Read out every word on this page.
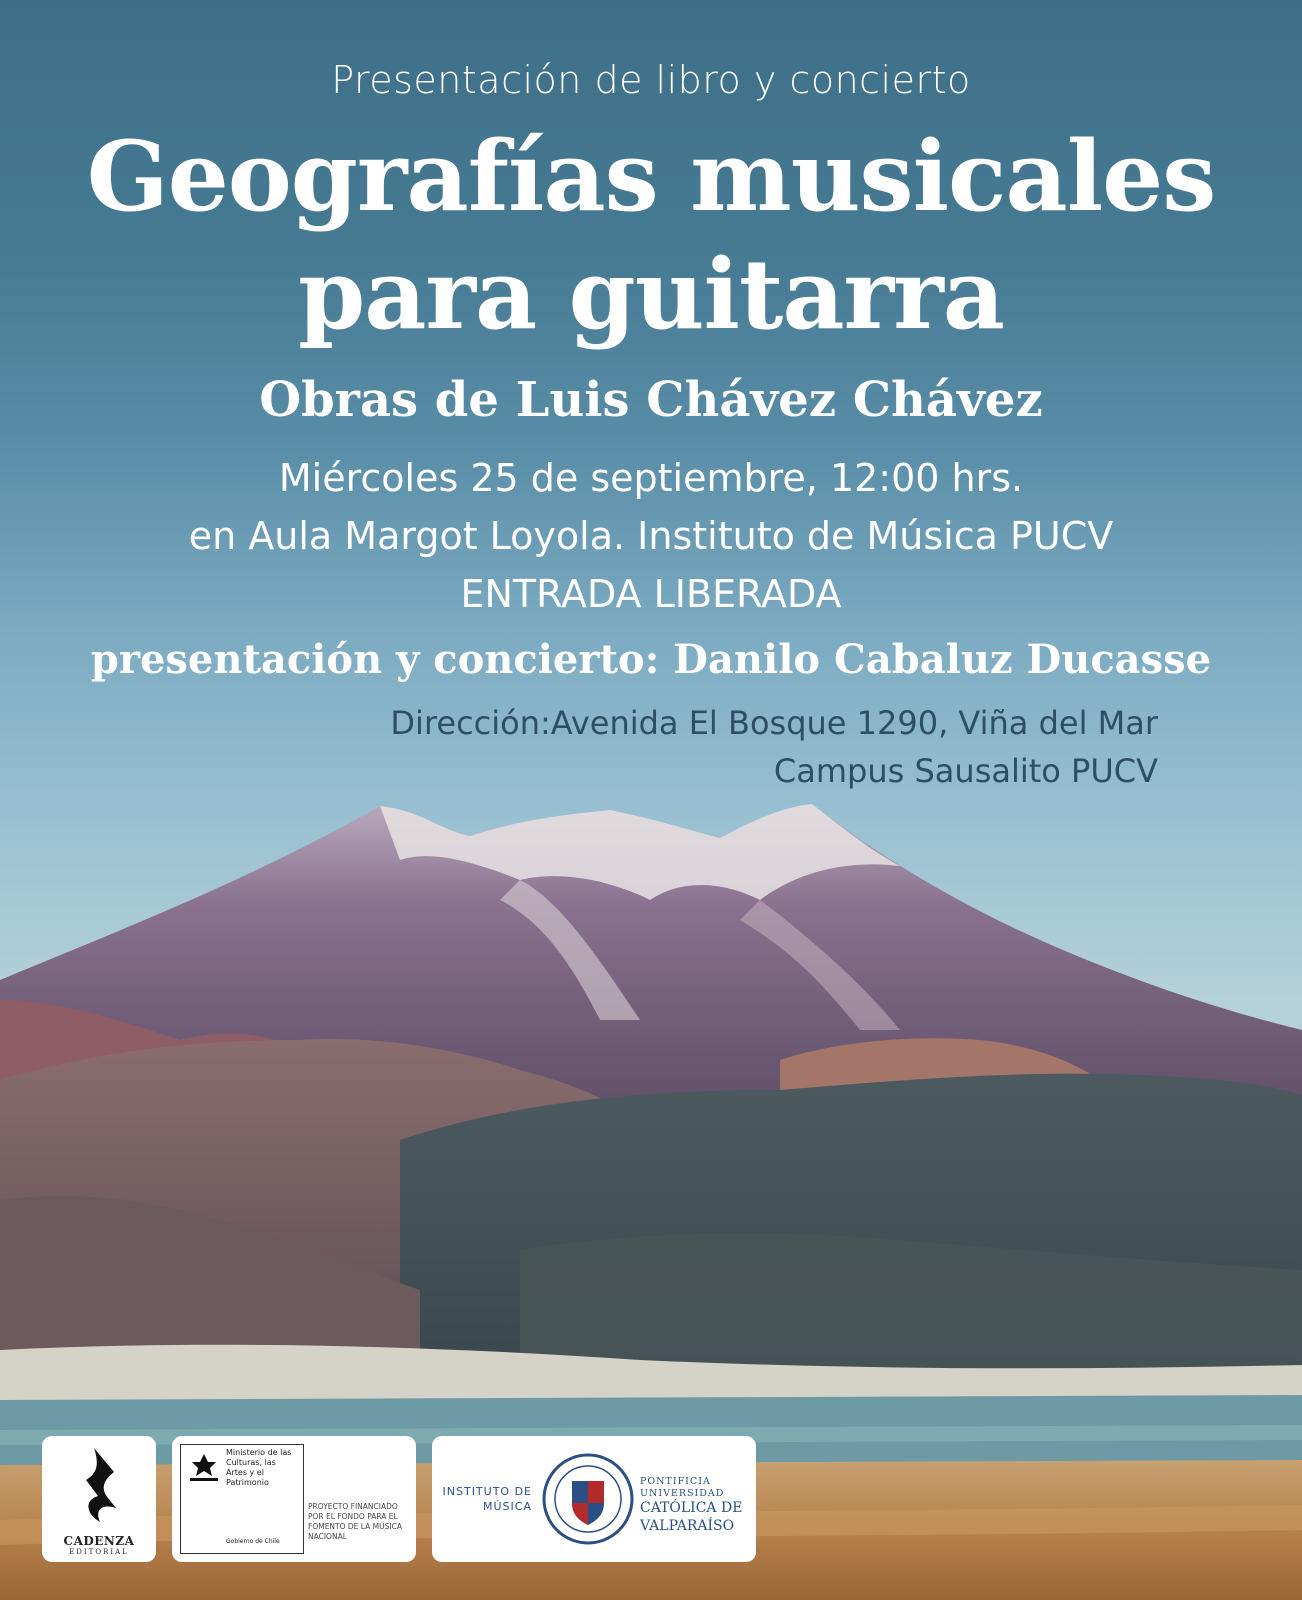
Presentación de libro y concierto
Geografías musicales
para guitarra
Obras de Luis Chávez Chávez
Miércoles 25 de septiembre, 12:00 hrs.
en Aula Margot Loyola. Instituto de Música PUCV
ENTRADA LIBERADA
presentación y concierto: Danilo Cabaluz Ducasse
Dirección:Avenida El Bosque 1290, Viña del Mar
Campus Sausalito PUCV
CADENZA
EDITORIAL
Ministerio de las Culturas, las Artes y el Patrimonio
Gobierno de Chile
PROYECTO FINANCIADO POR EL FONDO PARA EL FOMENTO DE LA MÚSICA NACIONAL
INSTITUTO DE MÚSICA
PONTIFICIA
UNIVERSIDAD
CATÓLICA DE
VALPARAÍSO
